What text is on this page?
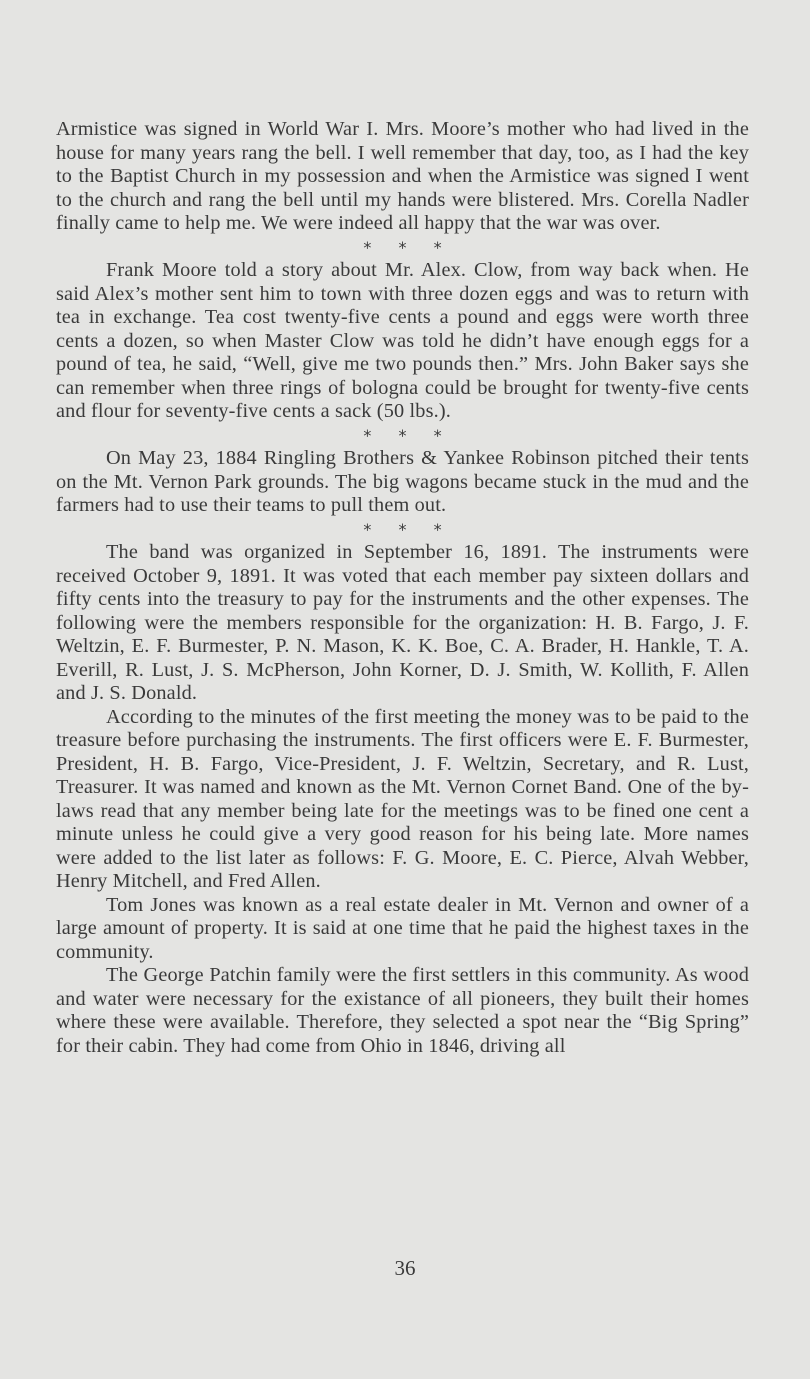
Armistice was signed in World War I. Mrs. Moore’s mother who had lived in the house for many years rang the bell. I well remember that day, too, as I had the key to the Baptist Church in my possession and when the Armistice was signed I went to the church and rang the bell until my hands were blistered. Mrs. Corella Nadler finally came to help me. We were indeed all happy that the war was over.

* * *

Frank Moore told a story about Mr. Alex. Clow, from way back when. He said Alex’s mother sent him to town with three dozen eggs and was to return with tea in exchange. Tea cost twenty-five cents a pound and eggs were worth three cents a dozen, so when Master Clow was told he didn’t have enough eggs for a pound of tea, he said, “Well, give me two pounds then.” Mrs. John Baker says she can remember when three rings of bologna could be brought for twenty-five cents and flour for seventy-five cents a sack (50 lbs.).

* * *

On May 23, 1884 Ringling Brothers & Yankee Robinson pitched their tents on the Mt. Vernon Park grounds. The big wagons became stuck in the mud and the farmers had to use their teams to pull them out.

* * *

The band was organized in September 16, 1891. The instruments were received October 9, 1891. It was voted that each member pay sixteen dollars and fifty cents into the treasury to pay for the instruments and the other expenses. The following were the members responsible for the organization: H. B. Fargo, J. F. Weltzin, E. F. Burmester, P. N. Mason, K. K. Boe, C. A. Brader, H. Hankle, T. A. Everill, R. Lust, J. S. McPherson, John Korner, D. J. Smith, W. Kollith, F. Allen and J. S. Donald.

According to the minutes of the first meeting the money was to be paid to the treasure before purchasing the instruments. The first officers were E. F. Burmester, President, H. B. Fargo, Vice-President, J. F. Weltzin, Secretary, and R. Lust, Treasurer. It was named and known as the Mt. Vernon Cornet Band. One of the by-laws read that any member being late for the meetings was to be fined one cent a minute unless he could give a very good reason for his being late. More names were added to the list later as follows: F. G. Moore, E. C. Pierce, Alvah Webber, Henry Mitchell, and Fred Allen.

Tom Jones was known as a real estate dealer in Mt. Vernon and owner of a large amount of property. It is said at one time that he paid the highest taxes in the community.

The George Patchin family were the first settlers in this community. As wood and water were necessary for the existance of all pioneers, they built their homes where these were available. Therefore, they selected a spot near the “Big Spring” for their cabin. They had come from Ohio in 1846, driving all

36
